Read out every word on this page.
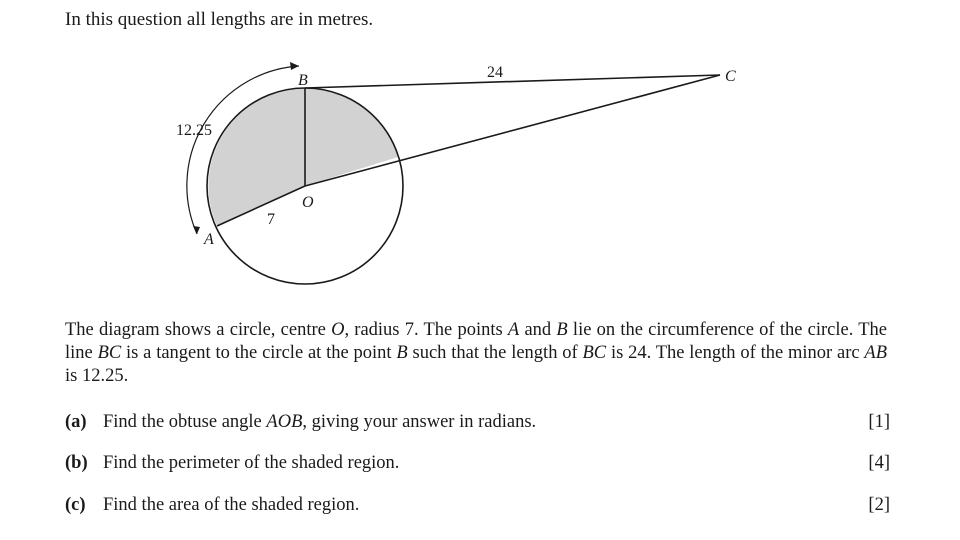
In this question all lengths are in metres.
B	C
O
A
24
12.25
7
The diagram shows a circle, centre O, radius 7. The points A and B lie on the circumference of the circle. The line BC is a tangent to the circle at the point B such that the length of BC is 24. The length of the minor arc AB is 12.25.
(a) Find the obtuse angle AOB, giving your answer in radians.	[1]
(b) Find the perimeter of the shaded region.	[4]
(c) Find the area of the shaded region.	[2]
